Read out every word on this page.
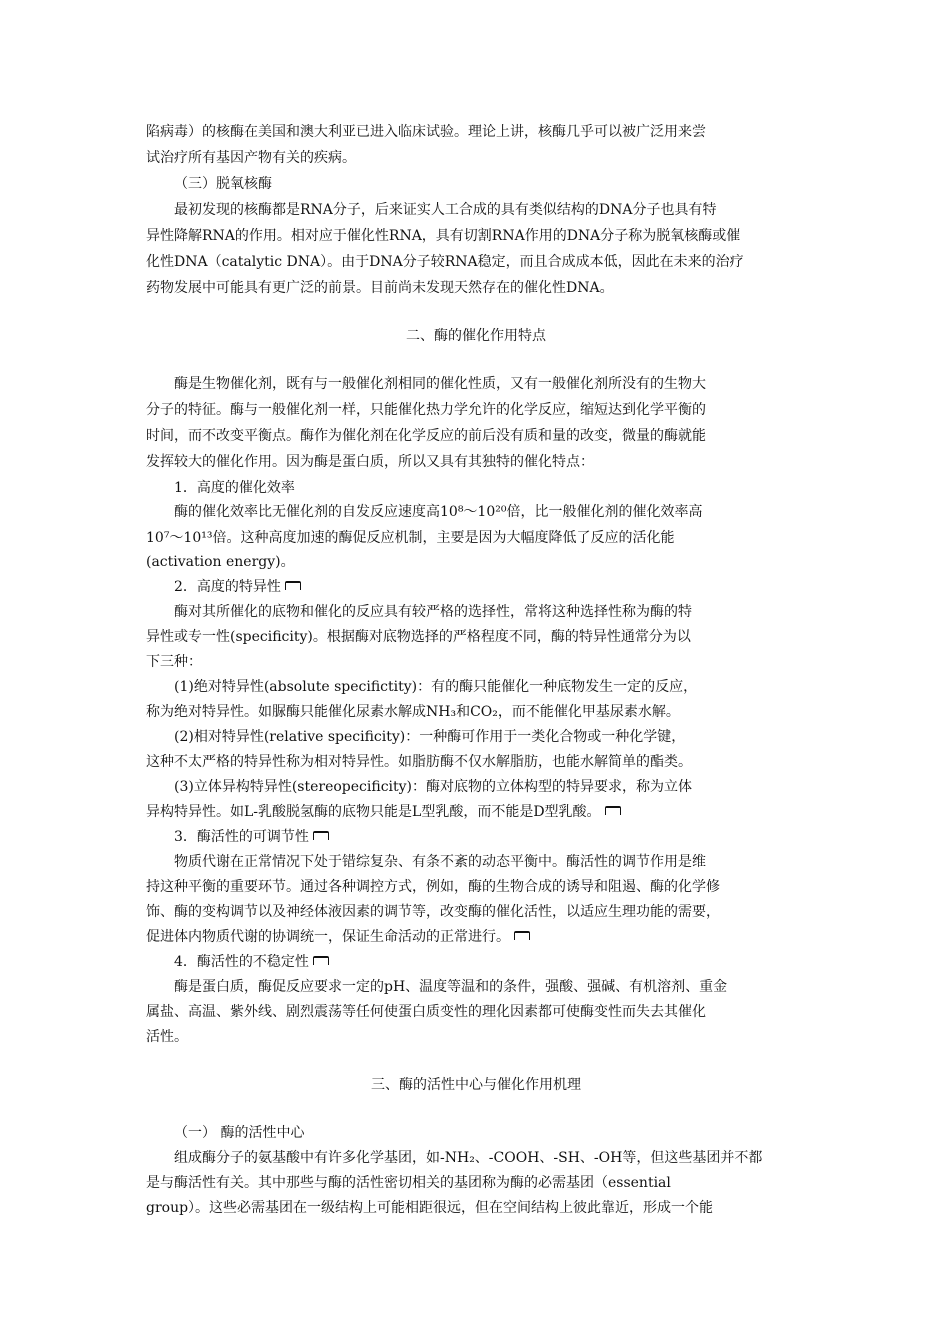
陷病毒）的核酶在美国和澳大利亚已进入临床试验。理论上讲，核酶几乎可以被广泛用来尝
试治疗所有基因产物有关的疾病。
（三）脱氧核酶
最初发现的核酶都是RNA分子，后来证实人工合成的具有类似结构的DNA分子也具有特
异性降解RNA的作用。相对应于催化性RNA，具有切割RNA作用的DNA分子称为脱氧核酶或催
化性DNA（catalytic DNA）。由于DNA分子较RNA稳定，而且合成成本低，因此在未来的治疗
药物发展中可能具有更广泛的前景。目前尚未发现天然存在的催化性DNA。
二、酶的催化作用特点
酶是生物催化剂，既有与一般催化剂相同的催化性质，又有一般催化剂所没有的生物大
分子的特征。酶与一般催化剂一样，只能催化热力学允许的化学反应，缩短达到化学平衡的
时间，而不改变平衡点。酶作为催化剂在化学反应的前后没有质和量的改变，微量的酶就能
发挥较大的催化作用。因为酶是蛋白质，所以又具有其独特的催化特点：
1．高度的催化效率
酶的催化效率比无催化剂的自发反应速度高10⁸～10²⁰倍，比一般催化剂的催化效率高
10⁷～10¹³倍。这种高度加速的酶促反应机制，主要是因为大幅度降低了反应的活化能
(activation energy)。
2．高度的特异性
酶对其所催化的底物和催化的反应具有较严格的选择性，常将这种选择性称为酶的特
异性或专一性(specificity)。根据酶对底物选择的严格程度不同，酶的特异性通常分为以
下三种：
(1)绝对特异性(absolute specifictity)：有的酶只能催化一种底物发生一定的反应，
称为绝对特异性。如脲酶只能催化尿素水解成NH₃和CO₂，而不能催化甲基尿素水解。
(2)相对特异性(relative specificity)：一种酶可作用于一类化合物或一种化学键，
这种不太严格的特异性称为相对特异性。如脂肪酶不仅水解脂肪，也能水解简单的酯类。
(3)立体异构特异性(stereopecificity)：酶对底物的立体构型的特异要求，称为立体
异构特异性。如L-乳酸脱氢酶的底物只能是L型乳酸，而不能是D型乳酸。
3．酶活性的可调节性
物质代谢在正常情况下处于错综复杂、有条不紊的动态平衡中。酶活性的调节作用是维
持这种平衡的重要环节。通过各种调控方式，例如，酶的生物合成的诱导和阻遏、酶的化学修
饰、酶的变构调节以及神经体液因素的调节等，改变酶的催化活性，以适应生理功能的需要，
促进体内物质代谢的协调统一，保证生命活动的正常进行。
4．酶活性的不稳定性
酶是蛋白质，酶促反应要求一定的pH、温度等温和的条件，强酸、强碱、有机溶剂、重金
属盐、高温、紫外线、剧烈震荡等任何使蛋白质变性的理化因素都可使酶变性而失去其催化
活性。
三、酶的活性中心与催化作用机理
（一） 酶的活性中心
组成酶分子的氨基酸中有许多化学基团，如-NH₂、-COOH、-SH、-OH等，但这些基团并不都
是与酶活性有关。其中那些与酶的活性密切相关的基团称为酶的必需基团（essential
group）。这些必需基团在一级结构上可能相距很远，但在空间结构上彼此靠近，形成一个能
